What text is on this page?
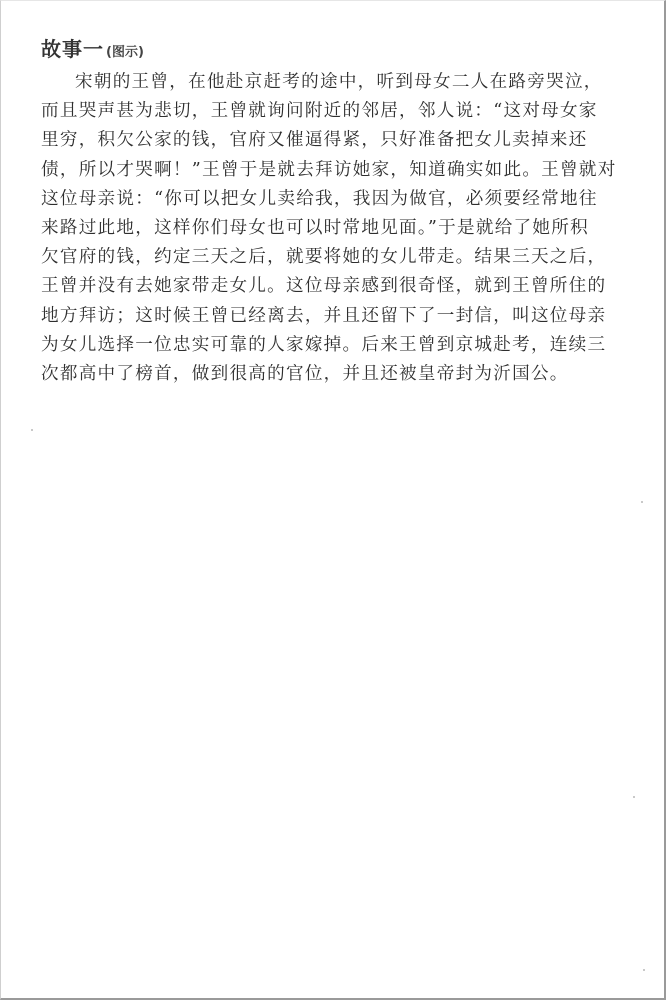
故事一 (图示)
宋朝的王曾，在他赴京赶考的途中，听到母女二人在路旁哭泣，
而且哭声甚为悲切，王曾就询问附近的邻居，邻人说：“这对母女家
里穷，积欠公家的钱，官府又催逼得紧，只好准备把女儿卖掉来还
债，所以才哭啊！”王曾于是就去拜访她家，知道确实如此。王曾就对
这位母亲说：“你可以把女儿卖给我，我因为做官，必须要经常地往
来路过此地，这样你们母女也可以时常地见面。”于是就给了她所积
欠官府的钱，约定三天之后，就要将她的女儿带走。结果三天之后，
王曾并没有去她家带走女儿。这位母亲感到很奇怪，就到王曾所住的
地方拜访；这时候王曾已经离去，并且还留下了一封信，叫这位母亲
为女儿选择一位忠实可靠的人家嫁掉。后来王曾到京城赴考，连续三
次都高中了榜首，做到很高的官位，并且还被皇帝封为沂国公。
